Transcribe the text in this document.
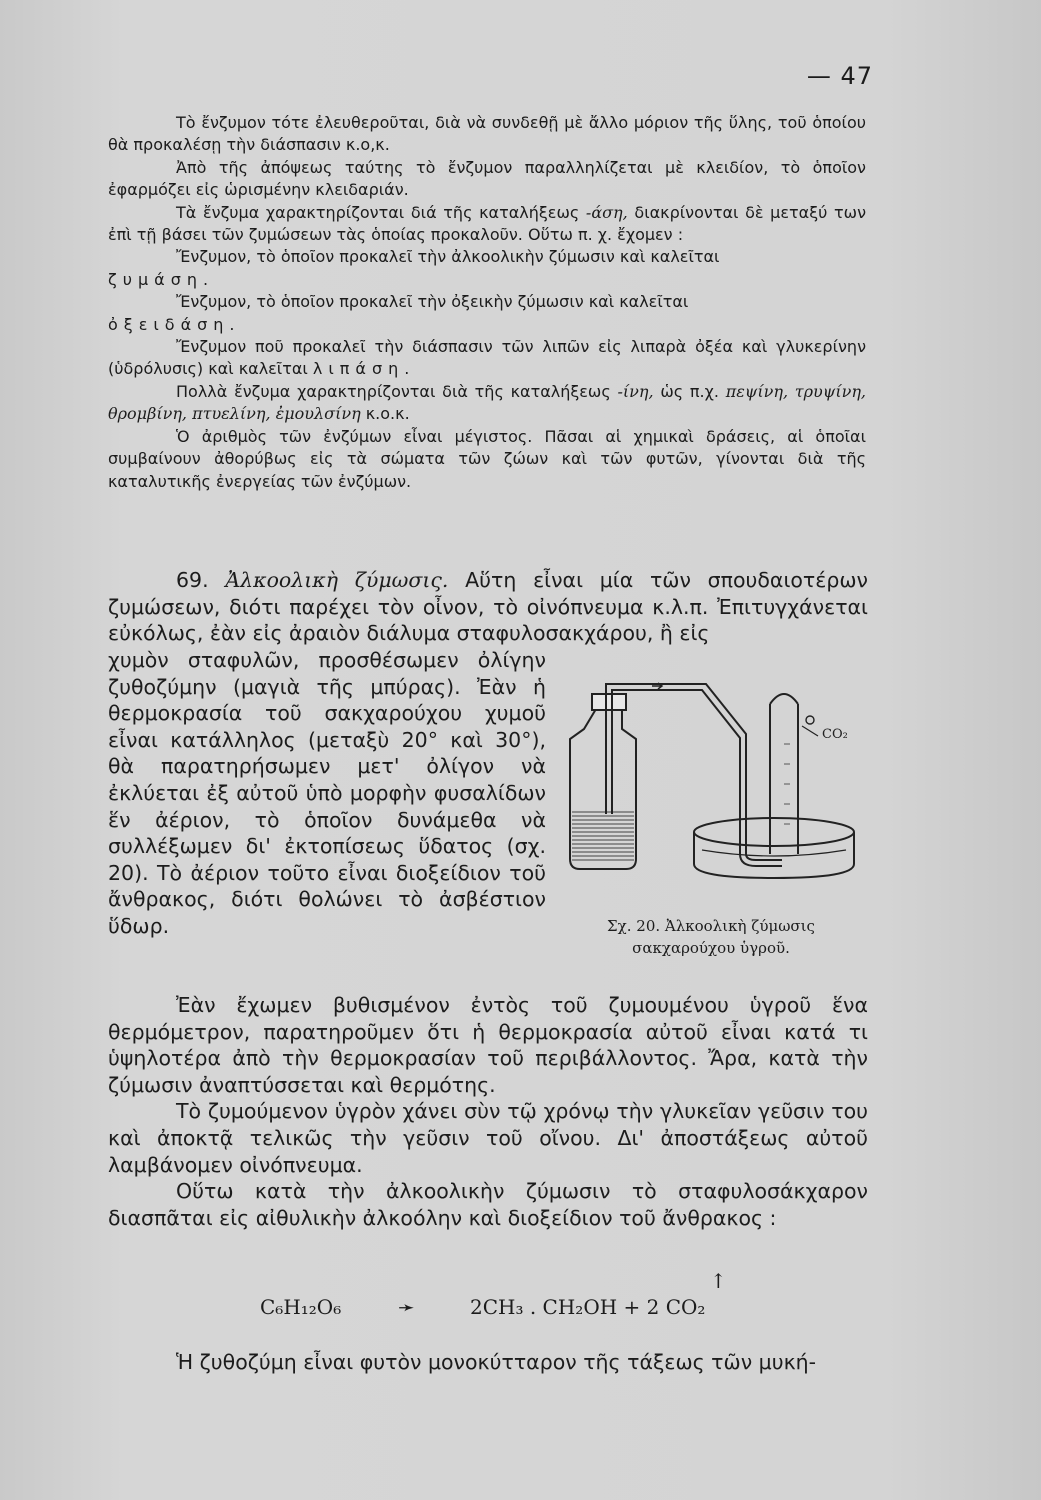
— 47

Τὸ ἔνζυμον τότε ἐλευθεροῦται, διὰ νὰ συνδεθῇ μὲ ἄλλο μόριον τῆς ὕλης, τοῦ ὁποίου θὰ προκαλέσῃ τὴν διάσπασιν κ.ο,κ.

Ἀπὸ τῆς ἀπόψεως ταύτης τὸ ἔνζυμον παραλληλίζεται μὲ κλειδίον, τὸ ὁποῖον ἐφαρμόζει εἰς ὡρισμένην κλειδαριάν.

Τὰ ἔνζυμα χαρακτηρίζονται διά τῆς καταλήξεως -άση, διακρίνονται δὲ μεταξύ των ἐπὶ τῇ βάσει τῶν ζυμώσεων τὰς ὁποίας προκαλοῦν. Οὕτω π. χ. ἔχομεν :

Ἔνζυμον, τὸ ὁποῖον προκαλεῖ τὴν ἀλκοολικὴν ζύμωσιν καὶ καλεῖται

ζυμάση.

Ἔνζυμον, τὸ ὁποῖον προκαλεῖ τὴν ὀξεικὴν ζύμωσιν καὶ καλεῖται

ὀξειδάση.

Ἔνζυμον ποῦ προκαλεῖ τὴν διάσπασιν τῶν λιπῶν εἰς λιπαρὰ ὀξέα καὶ γλυκερίνην (ὑδρόλυσις) καὶ καλεῖται λιπάση.

Πολλὰ ἔνζυμα χαρακτηρίζονται διὰ τῆς καταλήξεως -ίνη, ὡς π.χ. πεψίνη, τρυψίνη, θρομβίνη, πτυελίνη, ἐμουλσίνη κ.ο.κ.

Ὁ ἀριθμὸς τῶν ἐνζύμων εἶναι μέγιστος. Πᾶσαι αἱ χημικαὶ δράσεις, αἱ ὁποῖαι συμβαίνουν ἀθορύβως εἰς τὰ σώματα τῶν ζώων καὶ τῶν φυτῶν, γίνονται διὰ τῆς καταλυτικῆς ἐνεργείας τῶν ἐνζύμων.

69. Ἀλκοολικὴ ζύμωσις. Αὕτη εἶναι μία τῶν σπουδαιοτέρων ζυμώσεων, διότι παρέχει τὸν οἶνον, τὸ οἰνόπνευμα κ.λ.π. Ἐπιτυγχάνεται εὐκόλως, ἐὰν εἰς ἀραιὸν διάλυμα σταφυλοσακχάρου, ἢ εἰς

χυμὸν σταφυλῶν, προσθέσωμεν ὀλίγην ζυθοζύμην (μαγιὰ τῆς μπύρας). Ἐὰν ἡ θερμοκρασία τοῦ σακχαρούχου χυμοῦ εἶναι κατάλληλος (μεταξὺ 20° καὶ 30°), θὰ παρατηρήσωμεν μετ' ὀλίγον νὰ ἐκλύεται ἐξ αὐτοῦ ὑπὸ μορφὴν φυσαλίδων ἕν ἀέριον, τὸ ὁποῖον δυνάμεθα νὰ συλλέξωμεν δι' ἐκτοπίσεως ὕδατος (σχ. 20). Τὸ ἀέριον τοῦτο εἶναι διοξείδιον τοῦ ἄνθρακος, διότι θολώνει τὸ ἀσβέστιον ὕδωρ.

CO₂
Σχ. 20. Ἀλκοολικὴ ζύμωσις
σακχαρούχου ὑγροῦ.

Ἐὰν ἔχωμεν βυθισμένον ἐντὸς τοῦ ζυμουμένου ὑγροῦ ἕνα θερμόμετρον, παρατηροῦμεν ὅτι ἡ θερμοκρασία αὐτοῦ εἶναι κατά τι ὑψηλοτέρα ἀπὸ τὴν θερμοκρασίαν τοῦ περιβάλλοντος. Ἄρα, κατὰ τὴν ζύμωσιν ἀναπτύσσεται καὶ θερμότης.

Τὸ ζυμούμενον ὑγρὸν χάνει σὺν τῷ χρόνῳ τὴν γλυκεῖαν γεῦσιν του καὶ ἀποκτᾷ τελικῶς τὴν γεῦσιν τοῦ οἴνου. Δι' ἀποστάξεως αὐτοῦ λαμβάνομεν οἰνόπνευμα.

Οὕτω κατὰ τὴν ἀλκοολικὴν ζύμωσιν τὸ σταφυλοσάκχαρον διασπᾶται εἰς αἰθυλικὴν ἀλκοόλην καὶ διοξείδιον τοῦ ἄνθρακος :

C₆H₁₂O₆	➛	2CH₃ . CH₂OH + 2 CO₂
↑

Ἡ ζυθοζύμη εἶναι φυτὸν μονοκύτταρον τῆς τάξεως τῶν μυκή-
